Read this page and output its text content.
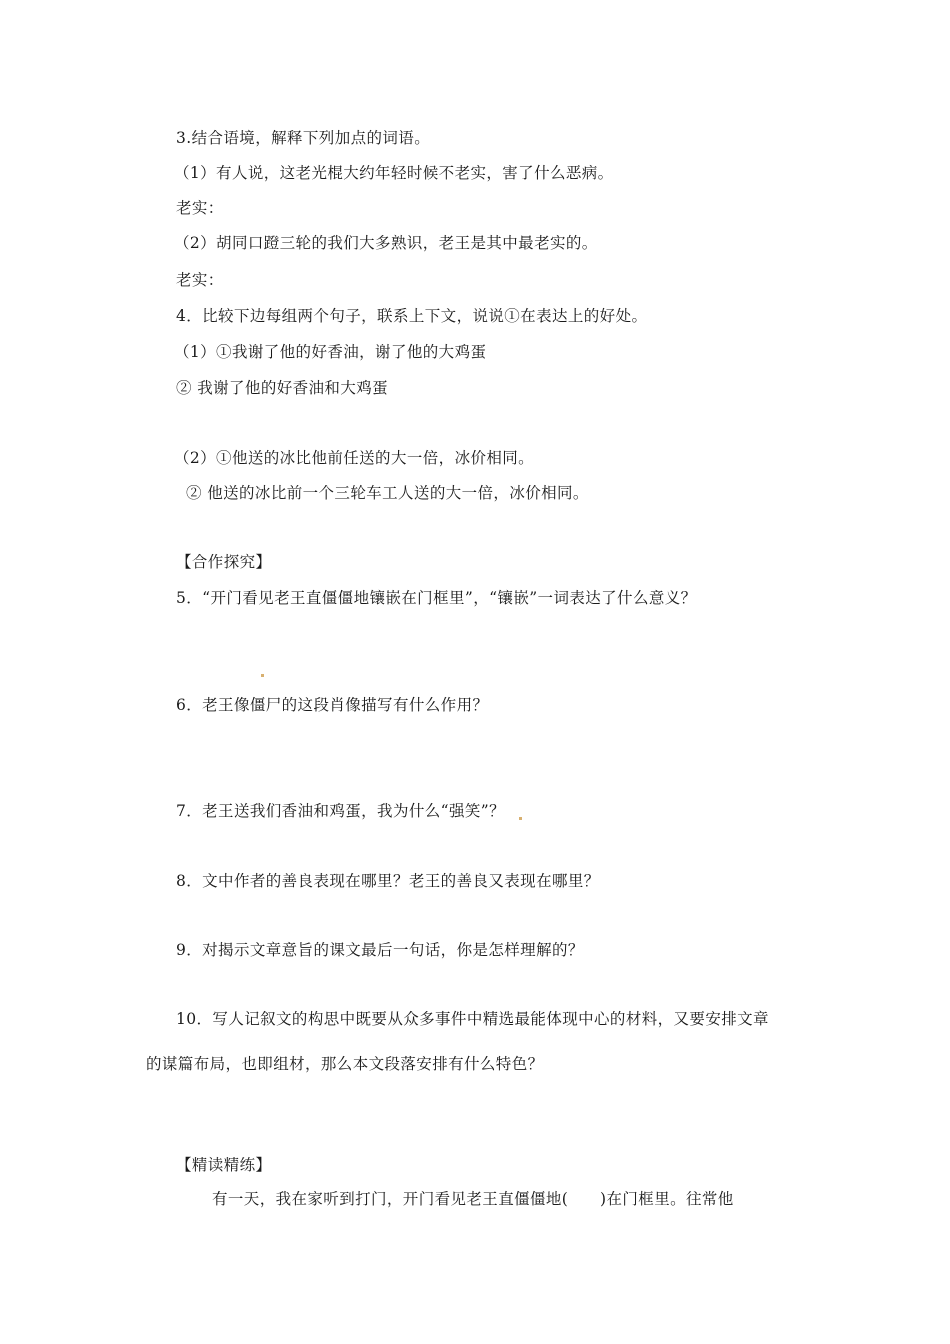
3.结合语境，解释下列加点的词语。
（1）有人说，这老光棍大约年轻时候不老实，害了什么恶病。
老实：
（2）胡同口蹬三轮的我们大多熟识，老王是其中最老实的。
老实：
4．比较下边每组两个句子，联系上下文，说说①在表达上的好处。
（1）①我谢了他的好香油，谢了他的大鸡蛋
② 我谢了他的好香油和大鸡蛋
（2）①他送的冰比他前任送的大一倍，冰价相同。
② 他送的冰比前一个三轮车工人送的大一倍，冰价相同。
【合作探究】
5．“开门看见老王直僵僵地镶嵌在门框里”，“镶嵌”一词表达了什么意义？
6．老王像僵尸的这段肖像描写有什么作用？
7．老王送我们香油和鸡蛋，我为什么“强笑”？
8．文中作者的善良表现在哪里？老王的善良又表现在哪里？
9．对揭示文章意旨的课文最后一句话，你是怎样理解的？
10．写人记叙文的构思中既要从众多事件中精选最能体现中心的材料，又要安排文章
的谋篇布局，也即组材，那么本文段落安排有什么特色？
【精读精练】
有一天，我在家听到打门，开门看见老王直僵僵地(　　)在门框里。往常他
